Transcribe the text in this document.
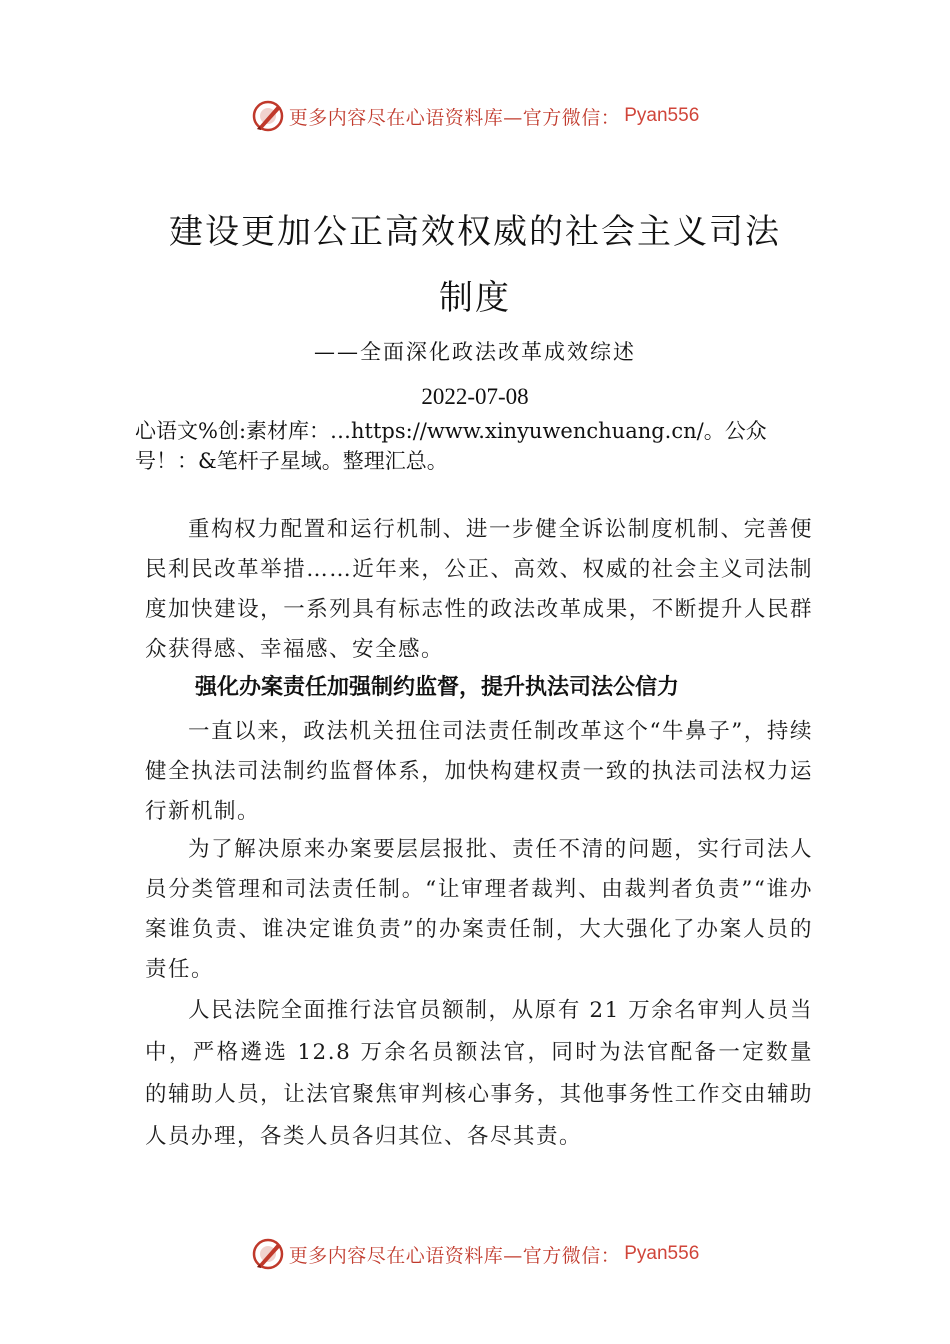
更多内容尽在心语资料库—官方微信： Pyan556
建设更加公正高效权威的社会主义司法
制度
——全面深化政法改革成效综述
2022-07-08
心语文%创:素材库：…https://www.xinyuwenchuang.cn/。公众号！：&笔杆子星域。整理汇总。

重构权力配置和运行机制、进一步健全诉讼制度机制、完善便民利民改革举措……近年来，公正、高效、权威的社会主义司法制度加快建设，一系列具有标志性的政法改革成果，不断提升人民群众获得感、幸福感、安全感。

强化办案责任加强制约监督，提升执法司法公信力

一直以来，政法机关扭住司法责任制改革这个“牛鼻子”，持续健全执法司法制约监督体系，加快构建权责一致的执法司法权力运行新机制。

为了解决原来办案要层层报批、责任不清的问题，实行司法人员分类管理和司法责任制。“让审理者裁判、由裁判者负责”“谁办案谁负责、谁决定谁负责”的办案责任制，大大强化了办案人员的责任。

人民法院全面推行法官员额制，从原有 21 万余名审判人员当中，严格遴选 12.8 万余名员额法官，同时为法官配备一定数量的辅助人员，让法官聚焦审判核心事务，其他事务性工作交由辅助人员办理，各类人员各归其位、各尽其责。

更多内容尽在心语资料库—官方微信： Pyan556
